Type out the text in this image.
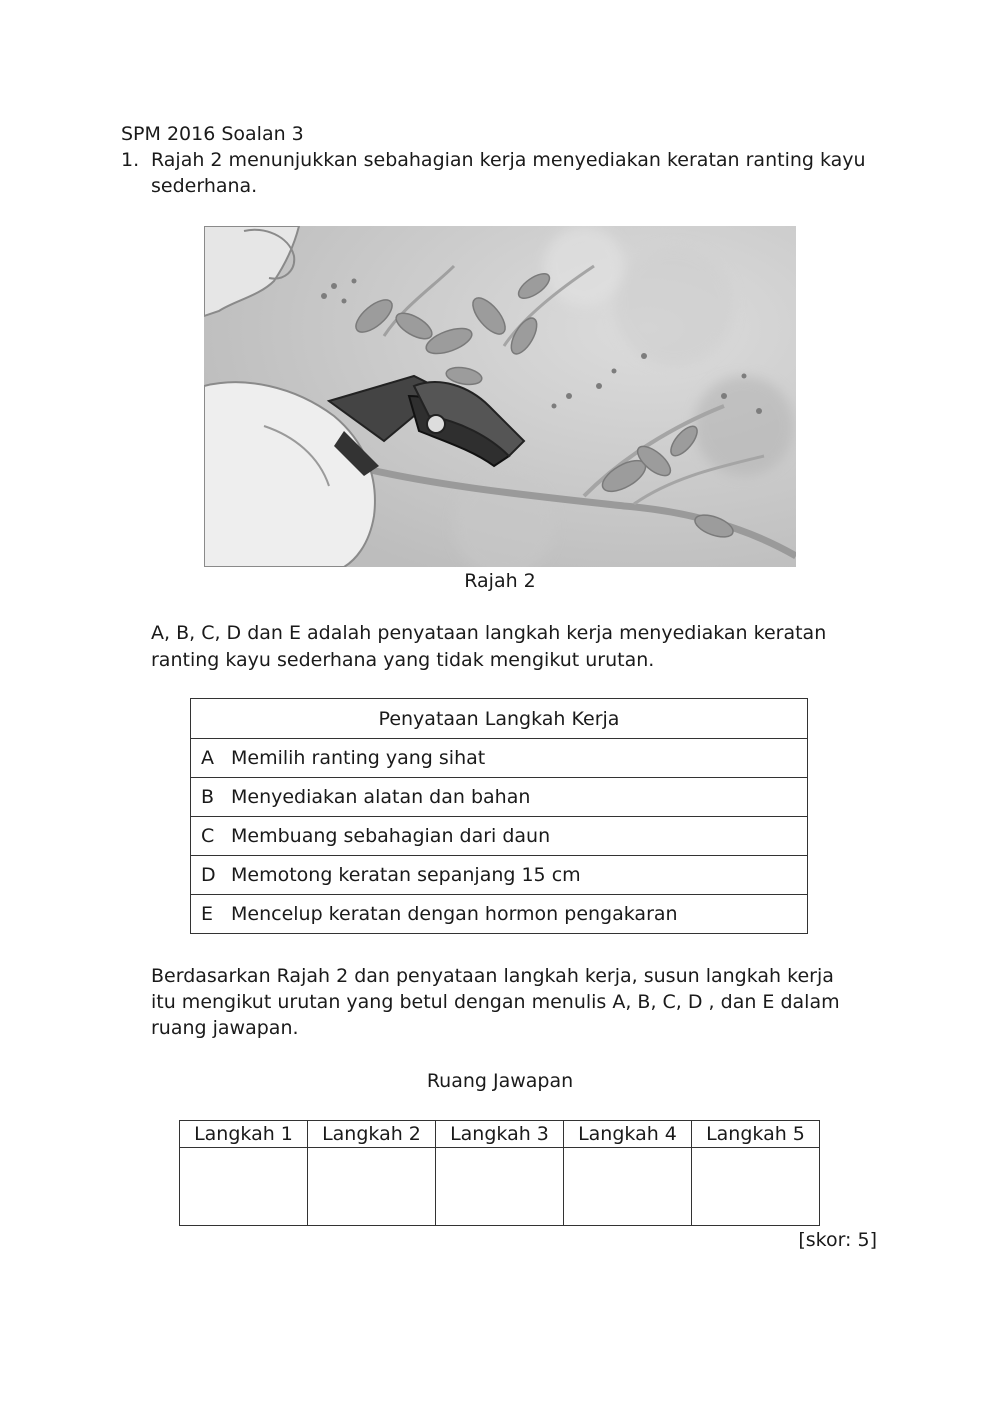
SPM 2016 Soalan 3
1. Rajah 2 menunjukkan sebahagian kerja menyediakan keratan ranting kayu
sederhana.
Rajah 2
A, B, C, D dan E adalah penyataan langkah kerja menyediakan keratan
ranting kayu sederhana yang tidak mengikut urutan.
Penyataan Langkah Kerja

A Memilih ranting yang sihat

B Menyediakan alatan dan bahan

C Membuang sebahagian dari daun

D Memotong keratan sepanjang 15 cm

E Mencelup keratan dengan hormon pengakaran
Berdasarkan Rajah 2 dan penyataan langkah kerja, susun langkah kerja
itu mengikut urutan yang betul dengan menulis A, B, C, D , dan E dalam
ruang jawapan.
Ruang Jawapan
Langkah 1	Langkah 2	Langkah 3	Langkah 4	Langkah 5

[skor: 5]
